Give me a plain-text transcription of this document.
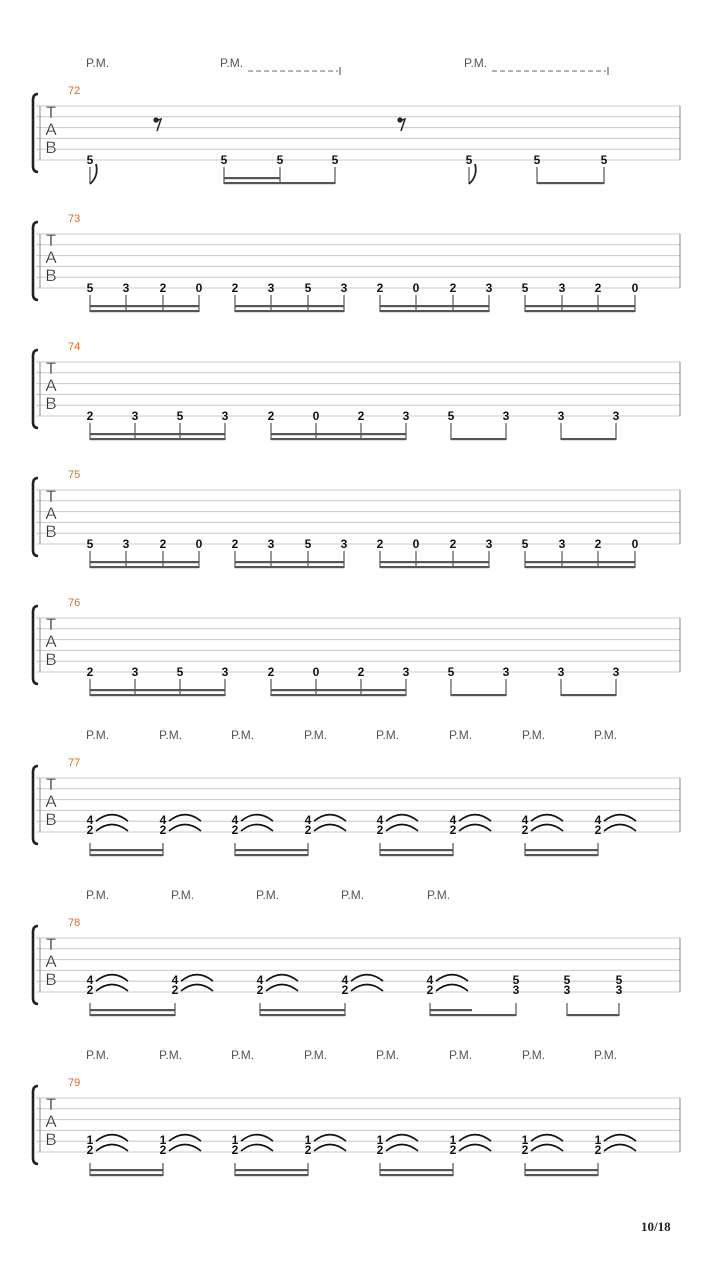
T
A
B
72
P.M.	P.M.	P.M.
5	5	5	5	5	5	5
T
A
B
73
5 3	2 0 2 3	5 3 2 0	2 3 5	3 2	0
T
A
B
74
2	3	5	3	2	0	2	3	5	3	3	3
T
A
B
75
5 3	2 0 2 3	5 3 2 0	2 3 5	3 2	0
T
A
B
76
2	3	5	3	2	0	2	3	5	3	3	3
T
A
B
77
P.M.	P.M.	P.M.	P.M.	P.M.	P.M.	P.M.	P.M.
4
2
4
2
4
2
4
2
4
2
4
2
4
2
4
2
T
A
B
78
P.M.	P.M.	P.M.	P.M.	P.M.
4
2
4
2
4
2
4
2
4
2
5
3
5
3
5
3
T
A
B
79
P.M.	P.M.	P.M.	P.M.	P.M.	P.M.	P.M.	P.M.
1
2
1
2
1
2
1
2
1
2
1
2
1
2
1
2
10/18
